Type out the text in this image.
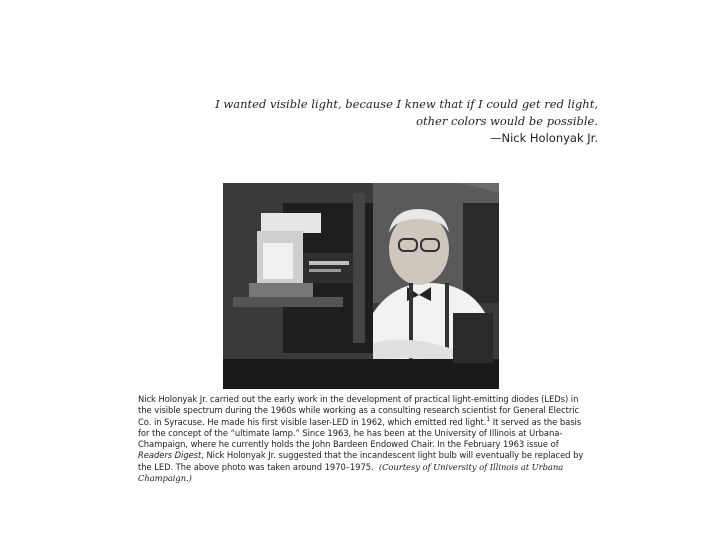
I wanted visible light, because I knew that if I could get red light,
other colors would be possible.
—Nick Holonyak Jr.
Nick Holonyak Jr. carried out the early work in the development of practical light-emitting diodes (LEDs) in the visible spectrum during the 1960s while working as a consulting research scientist for General Electric Co. in Syracuse. He made his first visible laser-LED in 1962, which emitted red light.$^1$ It served as the basis for the concept of the “ultimate lamp.” Since 1963, he has been at the University of Illinois at Urbana-Champaign, where he currently holds the John Bardeen Endowed Chair. In the February 1963 issue of Readers Digest, Nick Holonyak Jr. suggested that the incandescent light bulb will eventually be replaced by the LED. The above photo was taken around 1970–1975. (Courtesy of University of Illinois at Urbana Champaign.)
